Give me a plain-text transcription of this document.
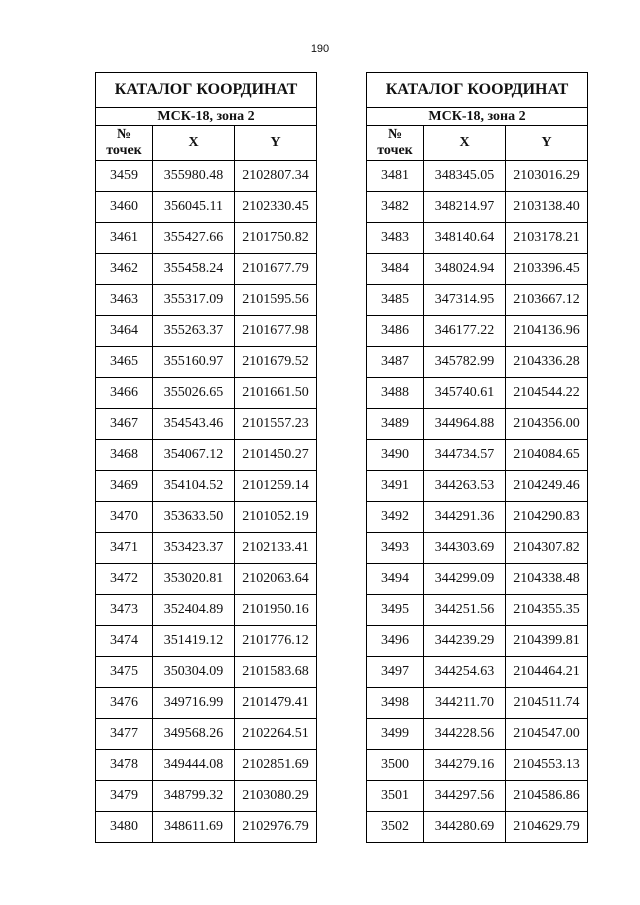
190
КАТАЛОГ КООРДИНАТ		
МСК-18, зона 2		
№
точек	X	Y
3459	355980.48	2102807.34
3460	356045.11	2102330.45
3461	355427.66	2101750.82
3462	355458.24	2101677.79
3463	355317.09	2101595.56
3464	355263.37	2101677.98
3465	355160.97	2101679.52
3466	355026.65	2101661.50
3467	354543.46	2101557.23
3468	354067.12	2101450.27
3469	354104.52	2101259.14
3470	353633.50	2101052.19
3471	353423.37	2102133.41
3472	353020.81	2102063.64
3473	352404.89	2101950.16
3474	351419.12	2101776.12
3475	350304.09	2101583.68
3476	349716.99	2101479.41
3477	349568.26	2102264.51
3478	349444.08	2102851.69
3479	348799.32	2103080.29
3480	348611.69	2102976.79
КАТАЛОГ КООРДИНАТ		
МСК-18, зона 2		
№
точек	X	Y
3481	348345.05	2103016.29
3482	348214.97	2103138.40
3483	348140.64	2103178.21
3484	348024.94	2103396.45
3485	347314.95	2103667.12
3486	346177.22	2104136.96
3487	345782.99	2104336.28
3488	345740.61	2104544.22
3489	344964.88	2104356.00
3490	344734.57	2104084.65
3491	344263.53	2104249.46
3492	344291.36	2104290.83
3493	344303.69	2104307.82
3494	344299.09	2104338.48
3495	344251.56	2104355.35
3496	344239.29	2104399.81
3497	344254.63	2104464.21
3498	344211.70	2104511.74
3499	344228.56	2104547.00
3500	344279.16	2104553.13
3501	344297.56	2104586.86
3502	344280.69	2104629.79
